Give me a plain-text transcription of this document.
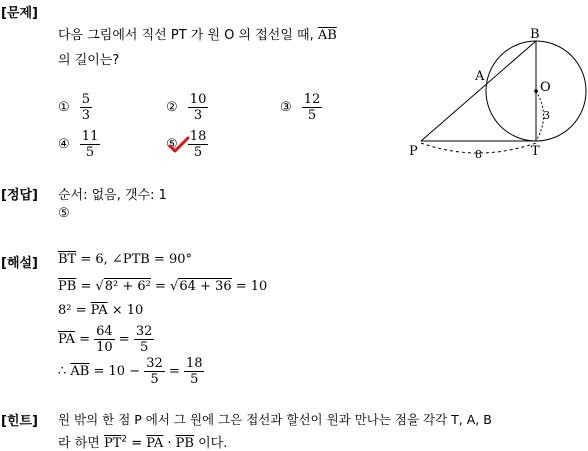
[문제]
다음 그림에서 직선 PT 가 원 O 의 접선일 때, $\overline{AB}$
의 길이는?
① $\frac{5}{3}$	② $\frac{10}{3}$	③ $\frac{12}{5}$
④ $\frac{11}{5}$	⑤ $\frac{18}{5}$
B
A
O
P	T
3
8
[정답] 순서: 없음, 갯수: 1
⑤
[해설] $\overline{BT} = 6$, ∠PTB = 90°
$\overline{PB} = √8^2 + 6^2 = √64 + 36 = 10$
$8^2 = \overline{PA} \times 10$
$\overline{PA} = \frac{64}{10} = \frac{32}{5}$
∴ $\overline{AB} = 10 - \frac{32}{5} = \frac{18}{5}$
[힌트] 원 밖의 한 점 P 에서 그 원에 그은 접선과 할선이 원과 만나는 점을 각각 T, A, B
라 하면 $\overline{PT}^2 = \overline{PA} \cdot \overline{PB}$ 이다.
